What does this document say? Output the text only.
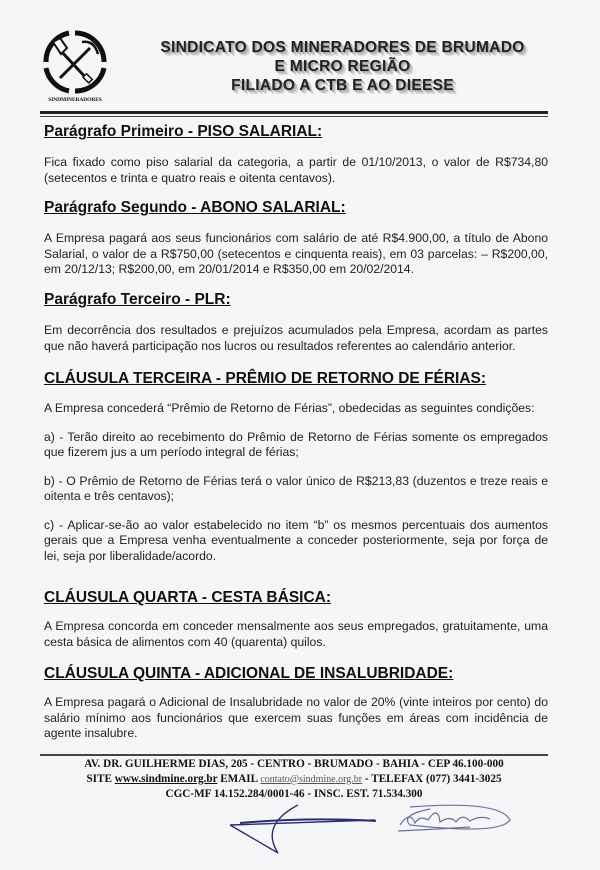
SINDMINERADORES
SINDICATO DOS MINERADORES DE BRUMADO
E MICRO REGIÃO
FILIADO A CTB E AO DIEESE
Parágrafo Primeiro - PISO SALARIAL:

Fica fixado como piso salarial da categoria, a partir de 01/10/2013, o valor de R$734,80 (setecentos e trinta e quatro reais e oitenta centavos).

Parágrafo Segundo - ABONO SALARIAL:

A Empresa pagará aos seus funcionários com salário de até R$4.900,00, a título de Abono Salarial, o valor de a R$750,00 (setecentos e cinquenta reais), em 03 parcelas: – R$200,00, em 20/12/13; R$200,00, em 20/01/2014 e R$350,00 em 20/02/2014.

Parágrafo Terceiro - PLR:

Em decorrência dos resultados e prejuízos acumulados pela Empresa, acordam as partes que não haverá participação nos lucros ou resultados referentes ao calendário anterior.

CLÁUSULA TERCEIRA - PRÊMIO DE RETORNO DE FÉRIAS:

A Empresa concederá “Prêmio de Retorno de Férias”, obedecidas as seguintes condições:

a) - Terão direito ao recebimento do Prêmio de Retorno de Férias somente os empregados que fizerem jus a um período integral de férias;

b) - O Prêmio de Retorno de Férias terá o valor único de R$213,83 (duzentos e treze reais e oitenta e três centavos);

c) - Aplicar-se-ão ao valor estabelecido no item “b” os mesmos percentuais dos aumentos gerais que a Empresa venha eventualmente a conceder posteriormente, seja por força de lei, seja por liberalidade/acordo.

CLÁUSULA QUARTA - CESTA BÁSICA:

A Empresa concorda em conceder mensalmente aos seus empregados, gratuitamente, uma cesta básica de alimentos com 40 (quarenta) quilos.

CLÁUSULA QUINTA - ADICIONAL DE INSALUBRIDADE:

A Empresa pagará o Adicional de Insalubridade no valor de 20% (vinte inteiros por cento) do salário mínimo aos funcionários que exercem suas funções em áreas com incidência de agente insalubre.

AV. DR. GUILHERME DIAS, 205 - CENTRO - BRUMADO - BAHIA - CEP 46.100-000
SITE www.sindmine.org.br EMAIL contato@sindmine.org.br - TELEFAX (077) 3441-3025
CGC-MF 14.152.284/0001-46 - INSC. EST. 71.534.300
